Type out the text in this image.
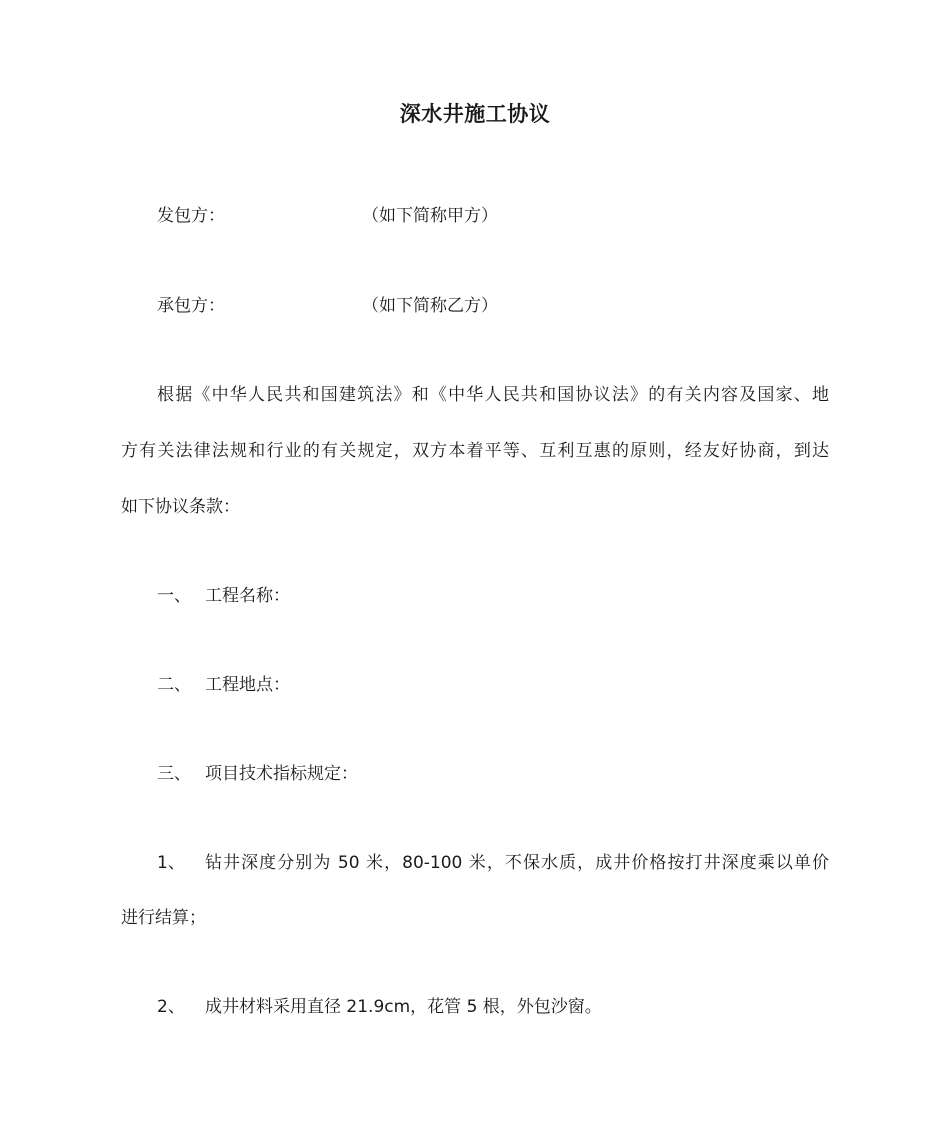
深水井施工协议
发包方：	（如下简称甲方）
承包方：	（如下简称乙方）
根据《中华人民共和国建筑法》和《中华人民共和国协议法》的有关内容及国家、地
方有关法律法规和行业的有关规定，双方本着平等、互利互惠的原则，经友好协商，到达
如下协议条款：
一、 工程名称：
二、 工程地点：
三、 项目技术指标规定：
1、 钻井深度分别为 50 米，80-100 米，不保水质，成井价格按打井深度乘以单价
进行结算；
2、 成井材料采用直径 21.9cm，花管 5 根，外包沙窗。
